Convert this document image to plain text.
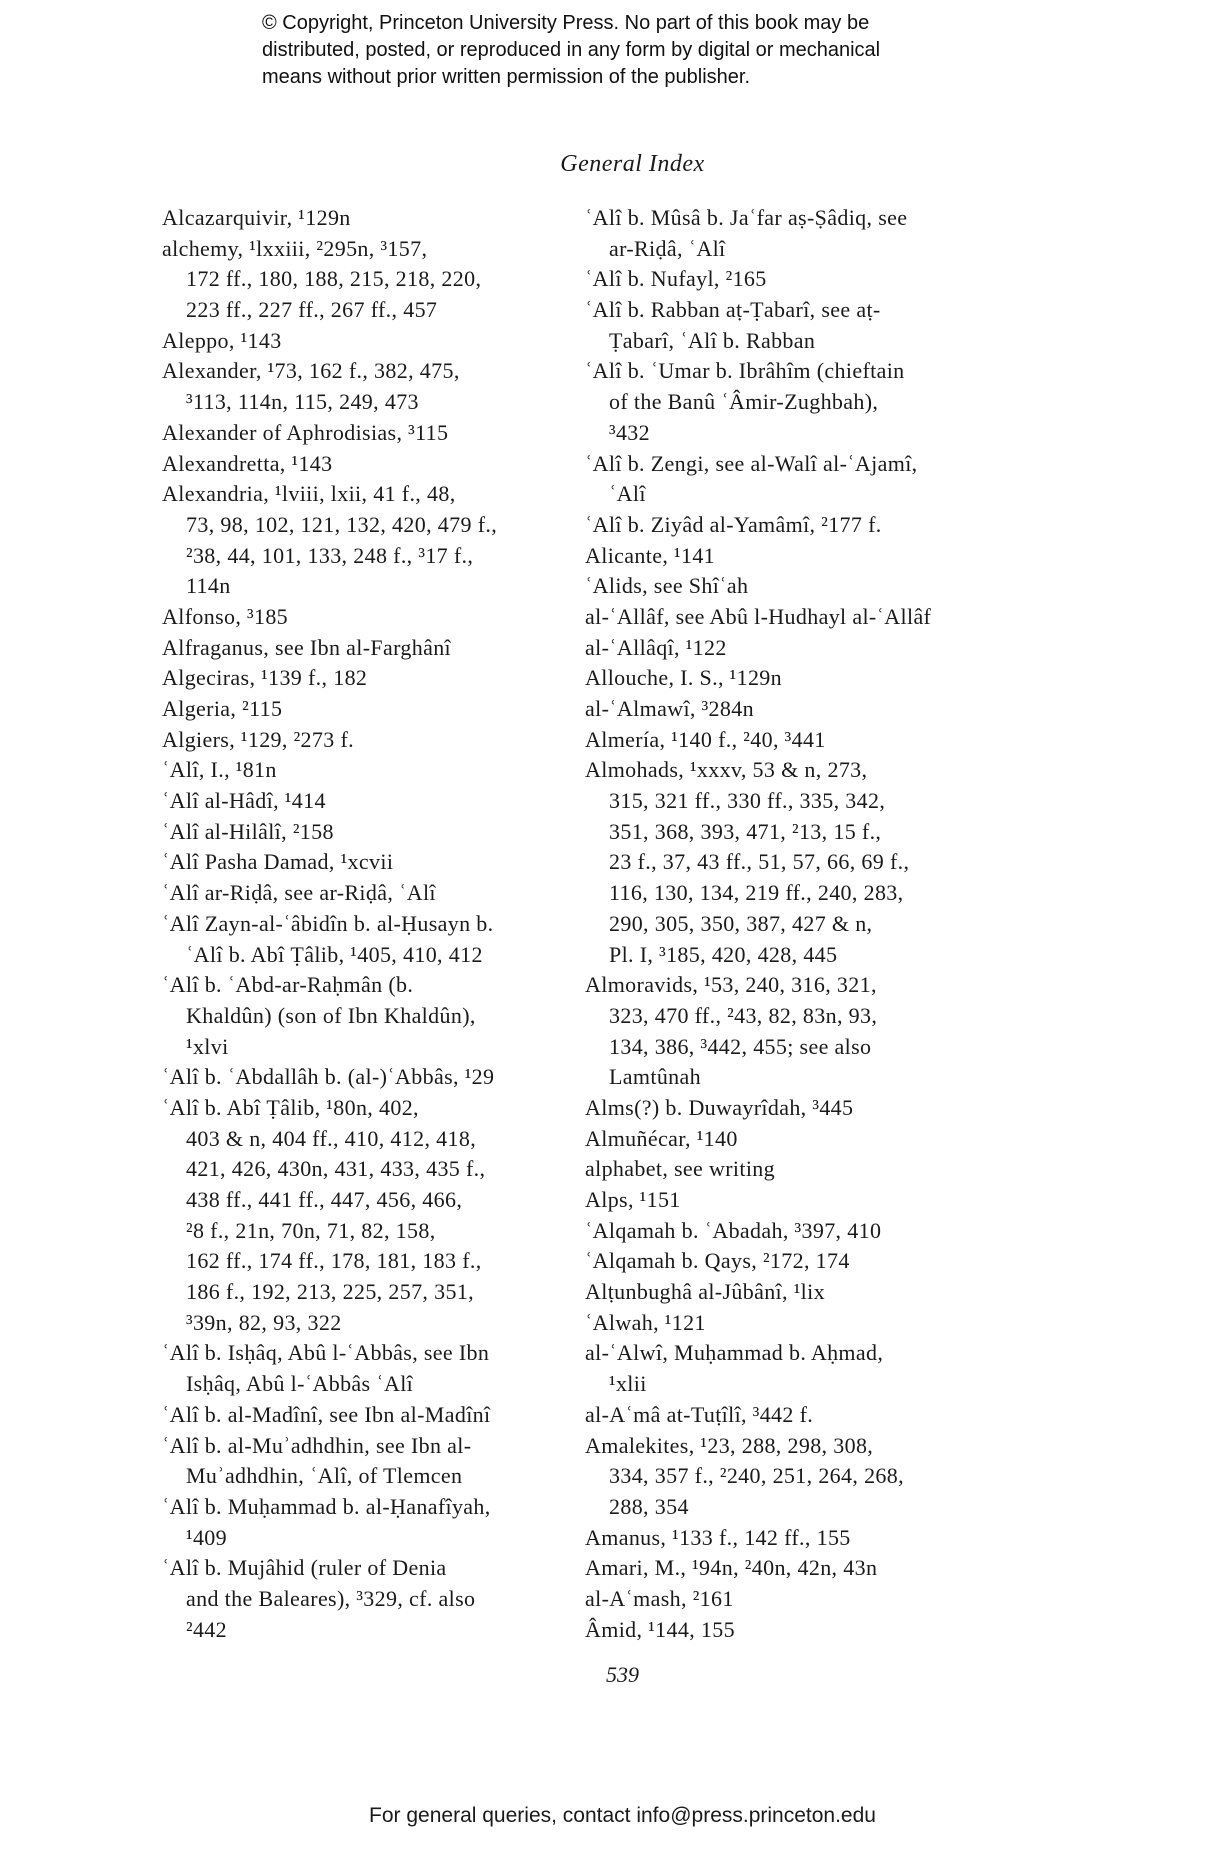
© Copyright, Princeton University Press. No part of this book may be
distributed, posted, or reproduced in any form by digital or mechanical
means without prior written permission of the publisher.
General Index
Alcazarquivir, ¹129n
alchemy, ¹lxxiii, ²295n, ³157,
172 ff., 180, 188, 215, 218, 220,
223 ff., 227 ff., 267 ff., 457
Aleppo, ¹143
Alexander, ¹73, 162 f., 382, 475,
³113, 114n, 115, 249, 473
Alexander of Aphrodisias, ³115
Alexandretta, ¹143
Alexandria, ¹lviii, lxii, 41 f., 48,
73, 98, 102, 121, 132, 420, 479 f.,
²38, 44, 101, 133, 248 f., ³17 f.,
114n
Alfonso, ³185
Alfraganus, see Ibn al-Farghânî
Algeciras, ¹139 f., 182
Algeria, ²115
Algiers, ¹129, ²273 f.
ʿAlî, I., ¹81n
ʿAlî al-Hâdî, ¹414
ʿAlî al-Hilâlî, ²158
ʿAlî Pasha Damad, ¹xcvii
ʿAlî ar-Riḍâ, see ar-Riḍâ, ʿAlî
ʿAlî Zayn-al-ʿâbidîn b. al-Ḥusayn b.
ʿAlî b. Abî Ṭâlib, ¹405, 410, 412
ʿAlî b. ʿAbd-ar-Raḥmân (b.
Khaldûn) (son of Ibn Khaldûn),
¹xlvi
ʿAlî b. ʿAbdallâh b. (al-)ʿAbbâs, ¹29
ʿAlî b. Abî Ṭâlib, ¹80n, 402,
403 & n, 404 ff., 410, 412, 418,
421, 426, 430n, 431, 433, 435 f.,
438 ff., 441 ff., 447, 456, 466,
²8 f., 21n, 70n, 71, 82, 158,
162 ff., 174 ff., 178, 181, 183 f.,
186 f., 192, 213, 225, 257, 351,
³39n, 82, 93, 322
ʿAlî b. Isḥâq, Abû l-ʿAbbâs, see Ibn
Isḥâq, Abû l-ʿAbbâs ʿAlî
ʿAlî b. al-Madînî, see Ibn al-Madînî
ʿAlî b. al-Muʾadhdhin, see Ibn al-
Muʾadhdhin, ʿAlî, of Tlemcen
ʿAlî b. Muḥammad b. al-Ḥanafîyah,
¹409
ʿAlî b. Mujâhid (ruler of Denia
and the Baleares), ³329, cf. also
²442
ʿAlî b. Mûsâ b. Jaʿfar aṣ-Ṣâdiq, see
ar-Riḍâ, ʿAlî
ʿAlî b. Nufayl, ²165
ʿAlî b. Rabban aṭ-Ṭabarî, see aṭ-
Ṭabarî, ʿAlî b. Rabban
ʿAlî b. ʿUmar b. Ibrâhîm (chieftain
of the Banû ʿÂmir-Zughbah),
³432
ʿAlî b. Zengi, see al-Walî al-ʿAjamî,
ʿAlî
ʿAlî b. Ziyâd al-Yamâmî, ²177 f.
Alicante, ¹141
ʿAlids, see Shîʿah
al-ʿAllâf, see Abû l-Hudhayl al-ʿAllâf
al-ʿAllâqî, ¹122
Allouche, I. S., ¹129n
al-ʿAlmawî, ³284n
Almería, ¹140 f., ²40, ³441
Almohads, ¹xxxv, 53 & n, 273,
315, 321 ff., 330 ff., 335, 342,
351, 368, 393, 471, ²13, 15 f.,
23 f., 37, 43 ff., 51, 57, 66, 69 f.,
116, 130, 134, 219 ff., 240, 283,
290, 305, 350, 387, 427 & n,
Pl. I, ³185, 420, 428, 445
Almoravids, ¹53, 240, 316, 321,
323, 470 ff., ²43, 82, 83n, 93,
134, 386, ³442, 455; see also
Lamtûnah
Alms(?) b. Duwayrîdah, ³445
Almuñécar, ¹140
alphabet, see writing
Alps, ¹151
ʿAlqamah b. ʿAbadah, ³397, 410
ʿAlqamah b. Qays, ²172, 174
Alṭunbughâ al-Jûbânî, ¹lix
ʿAlwah, ¹121
al-ʿAlwî, Muḥammad b. Aḥmad,
¹xlii
al-Aʿmâ at-Tuṭîlî, ³442 f.
Amalekites, ¹23, 288, 298, 308,
334, 357 f., ²240, 251, 264, 268,
288, 354
Amanus, ¹133 f., 142 ff., 155
Amari, M., ¹94n, ²40n, 42n, 43n
al-Aʿmash, ²161
Âmid, ¹144, 155
539
For general queries, contact info@press.princeton.edu
